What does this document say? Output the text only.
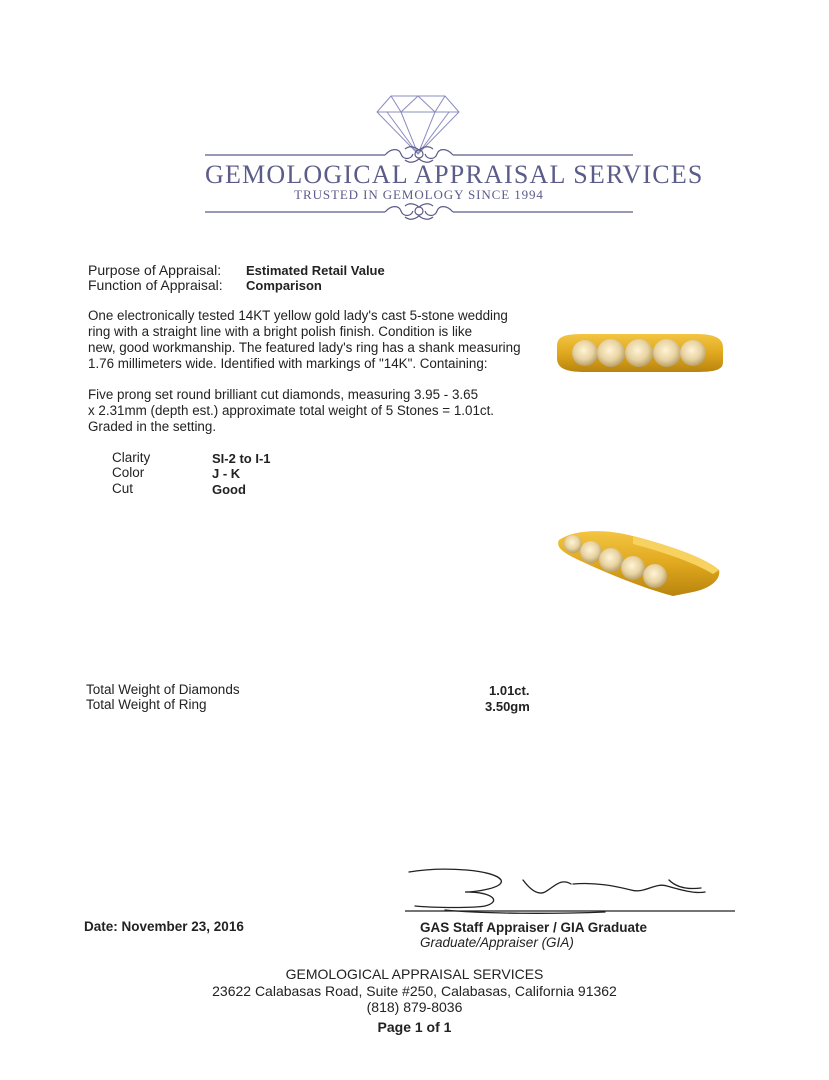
GEMOLOGICAL APPRAISAL SERVICES
TRUSTED IN GEMOLOGY SINCE 1994
Purpose of Appraisal: Estimated Retail Value
Function of Appraisal: Comparison
One electronically tested 14KT yellow gold lady's cast 5-stone wedding
ring with a straight line with a bright polish finish. Condition is like
new, good workmanship. The featured lady's ring has a shank measuring
1.76 millimeters wide. Identified with markings of "14K". Containing:
Five prong set round brilliant cut diamonds, measuring 3.95 - 3.65
x 2.31mm (depth est.) approximate total weight of 5 Stones = 1.01ct.
Graded in the setting.
Clarity	SI-2 to I-1
Color	J - K
Cut	Good
Total Weight of Diamonds	1.01ct.
Total Weight of Ring	3.50gm
Date: November 23, 2016	GAS Staff Appraiser / GIA Graduate
Graduate/Appraiser (GIA)
GEMOLOGICAL APPRAISAL SERVICES
23622 Calabasas Road, Suite #250, Calabasas, California 91362
(818) 879-8036
Page 1 of 1
